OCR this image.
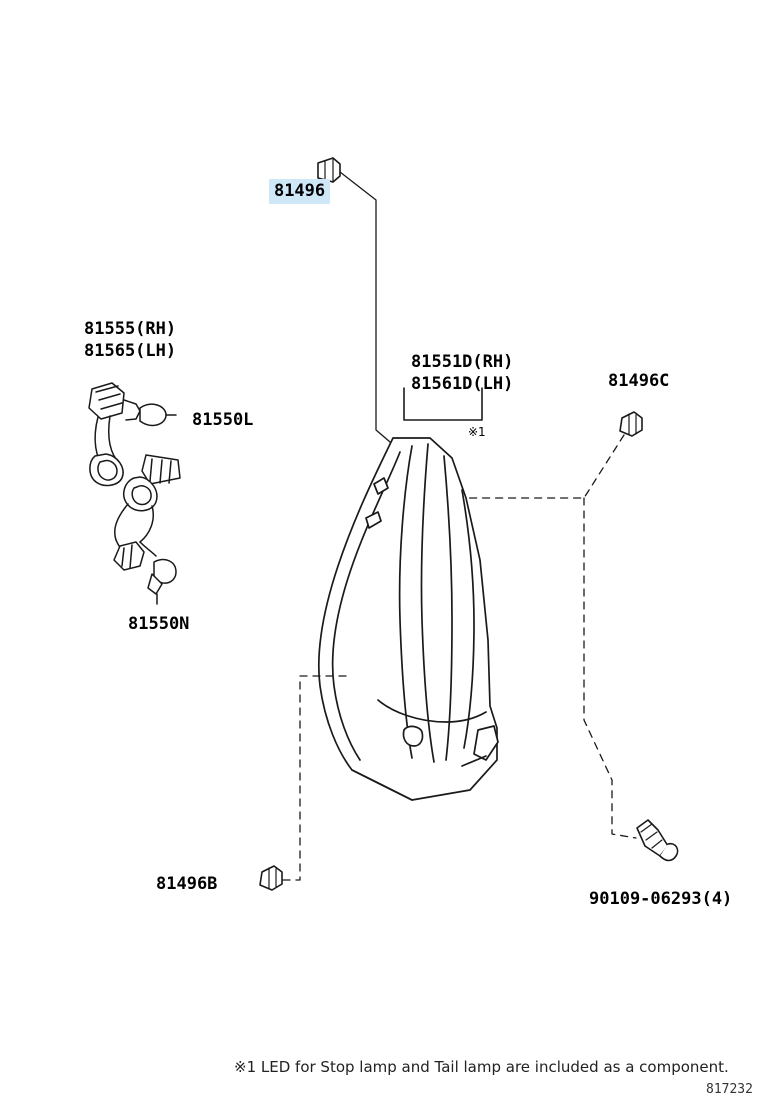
81496

81555(RH)
81565(LH)
81550L
81550N
81551D(RH)
81561D(LH)	81496C
81496B
90109-06293(4)
※1
※1 LED for Stop lamp and Tail lamp are included as a component.
817232
